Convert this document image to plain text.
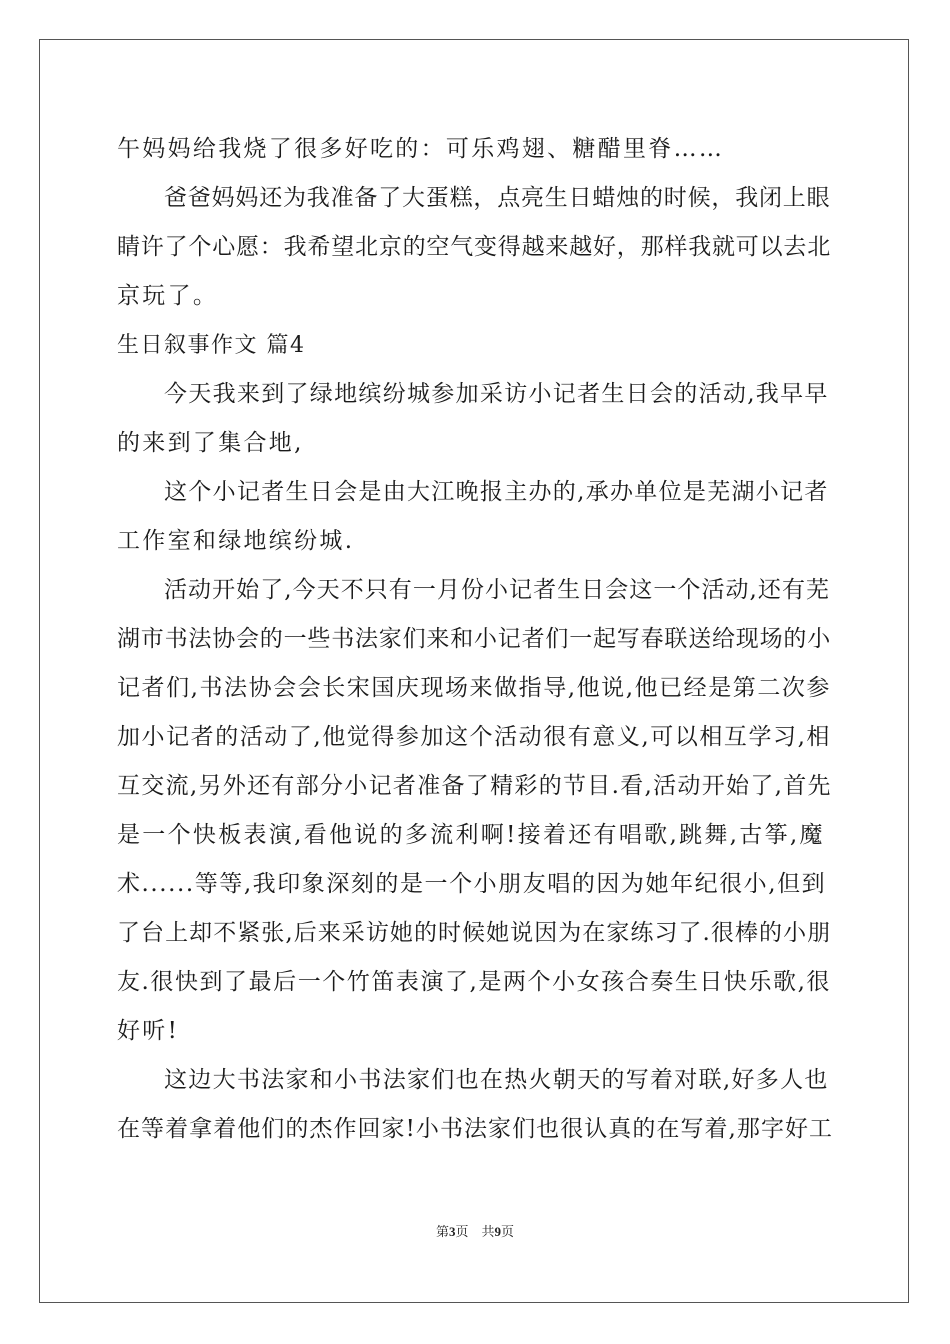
午妈妈给我烧了很多好吃的：可乐鸡翅、糖醋里脊……
爸爸妈妈还为我准备了大蛋糕，点亮生日蜡烛的时候，我闭上眼
睛许了个心愿：我希望北京的空气变得越来越好，那样我就可以去北
京玩了。
生日叙事作文 篇4
今天我来到了绿地缤纷城参加采访小记者生日会的活动,我早早
的来到了集合地,
这个小记者生日会是由大江晚报主办的,承办单位是芜湖小记者
工作室和绿地缤纷城.
活动开始了,今天不只有一月份小记者生日会这一个活动,还有芜
湖市书法协会的一些书法家们来和小记者们一起写春联送给现场的小
记者们,书法协会会长宋国庆现场来做指导,他说,他已经是第二次参
加小记者的活动了,他觉得参加这个活动很有意义,可以相互学习,相
互交流,另外还有部分小记者准备了精彩的节目.看,活动开始了,首先
是一个快板表演,看他说的多流利啊!接着还有唱歌,跳舞,古筝,魔
术......等等,我印象深刻的是一个小朋友唱的因为她年纪很小,但到
了台上却不紧张,后来采访她的时候她说因为在家练习了.很棒的小朋
友.很快到了最后一个竹笛表演了,是两个小女孩合奏生日快乐歌,很
好听!
这边大书法家和小书法家们也在热火朝天的写着对联,好多人也
在等着拿着他们的杰作回家!小书法家们也很认真的在写着,那字好工
第3页    共9页
